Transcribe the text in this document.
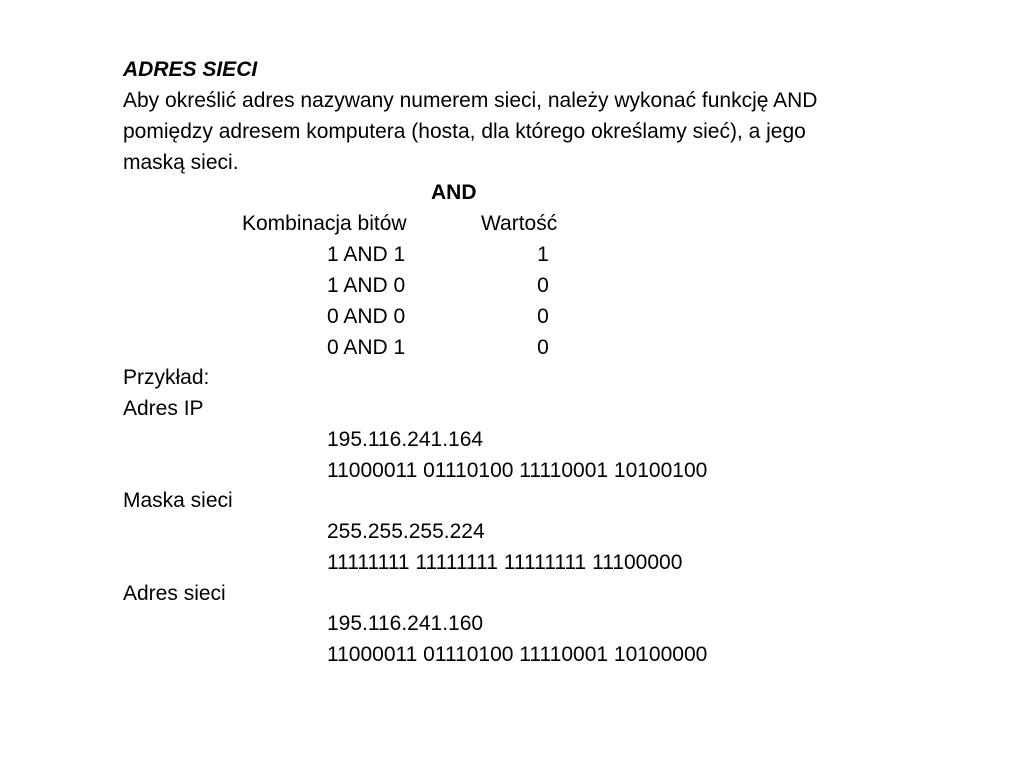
ADRES SIECI
Aby określić adres nazywany numerem sieci, należy wykonać funkcję AND
pomiędzy adresem komputera (hosta, dla którego określamy sieć), a jego
maską sieci.
AND
Kombinacja bitów	Wartość
1 AND 1	1
1 AND 0	0
0 AND 0	0
0 AND 1	0
Przykład:
Adres IP
195.116.241.164
11000011 01110100 11110001 10100100
Maska sieci
255.255.255.224
11111111 11111111 11111111 11100000
Adres sieci
195.116.241.160
11000011 01110100 11110001 10100000
